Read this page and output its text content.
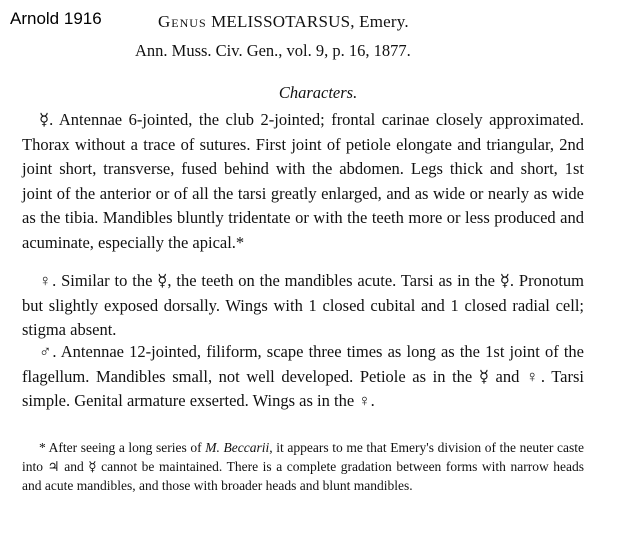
Arnold 1916	Genus MELISSOTARSUS, Emery.
Ann. Muss. Civ. Gen., vol. 9, p. 16, 1877.
Characters.

☿. Antennae 6-jointed, the club 2-jointed; frontal carinae closely approximated. Thorax without a trace of sutures. First joint of petiole elongate and triangular, 2nd joint short, transverse, fused behind with the abdomen. Legs thick and short, 1st joint of the anterior or of all the tarsi greatly enlarged, and as wide or nearly as wide as the tibia. Mandibles bluntly tridentate or with the teeth more or less produced and acuminate, especially the apical.*

♀. Similar to the ☿, the teeth on the mandibles acute. Tarsi as in the ☿. Pronotum but slightly exposed dorsally. Wings with 1 closed cubital and 1 closed radial cell; stigma absent.

♂. Antennae 12-jointed, filiform, scape three times as long as the 1st joint of the flagellum. Mandibles small, not well developed. Petiole as in the ☿ and ♀. Tarsi simple. Genital armature exserted. Wings as in the ♀.

* After seeing a long series of M. Beccarii, it appears to me that Emery's division of the neuter caste into ♃ and ☿ cannot be maintained. There is a complete gradation between forms with narrow heads and acute mandibles, and those with broader heads and blunt mandibles.
